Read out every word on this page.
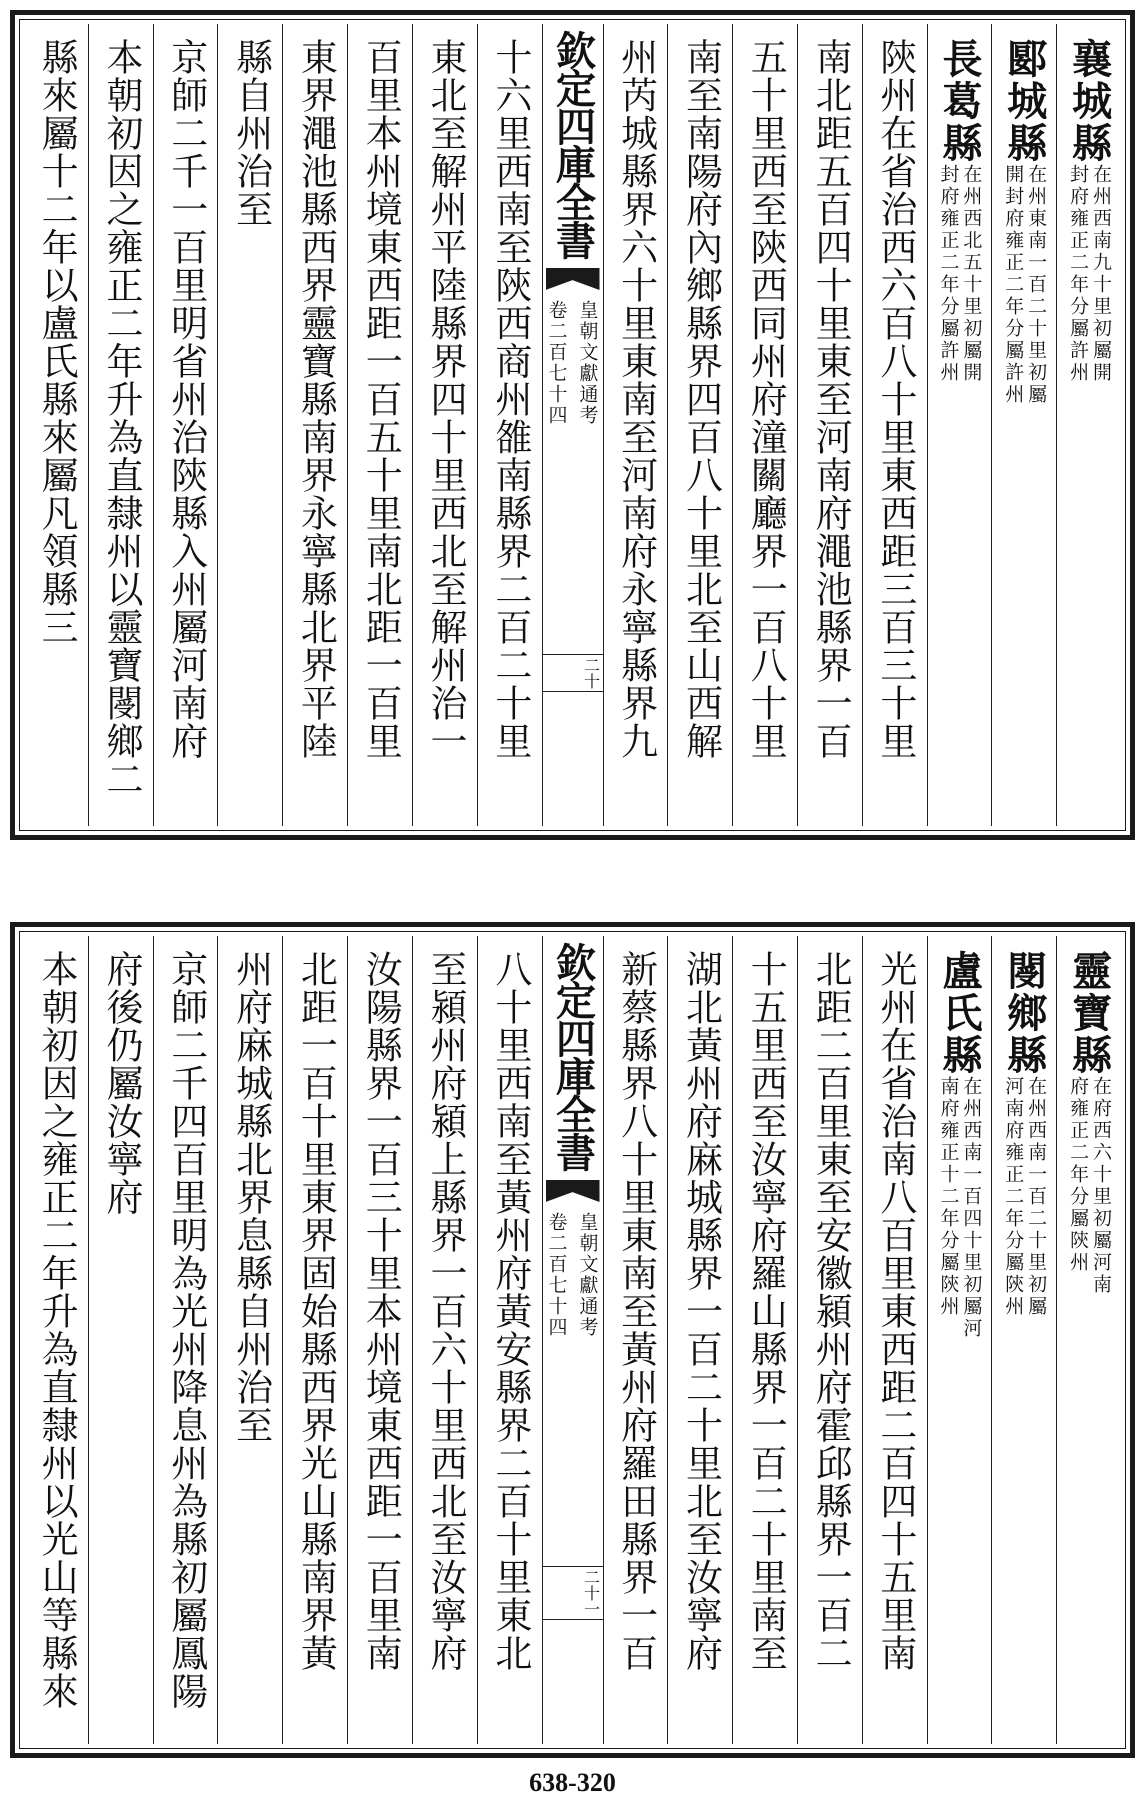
十六里西南至陝西商州雒南縣界二百二十里
東北至解州平陸縣界四十里西北至解州治一
百里本州境東西距一百五十里南北距一百里
東界澠池縣西界靈寶縣南界永寧縣北界平陸
縣自州治至
京師二千一百里明省州治陝縣入州屬河南府
本朝初因之雍正二年升為直隸州以靈寶閿鄉二
縣來屬十二年以盧氏縣來屬凡領縣三	欽定四庫全書
皇朝文獻通考
卷二百七十四
二十
襄城縣
在州西南九十里初屬開
封府雍正二年分屬許州
郾城縣
在州東南一百二十里初屬
開封府雍正二年分屬許州
長葛縣
在州西北五十里初屬開
封府雍正二年分屬許州
陝州在省治西六百八十里東西距三百三十里
南北距五百四十里東至河南府澠池縣界一百
五十里西至陝西同州府潼關廳界一百八十里
南至南陽府內鄉縣界四百八十里北至山西解
州芮城縣界六十里東南至河南府永寧縣界九
八十里西南至黃州府黃安縣界二百十里東北
至潁州府潁上縣界一百六十里西北至汝寧府
汝陽縣界一百三十里本州境東西距一百里南
北距一百十里東界固始縣西界光山縣南界黃
州府麻城縣北界息縣自州治至
京師二千四百里明為光州降息州為縣初屬鳳陽
府後仍屬汝寧府
本朝初因之雍正二年升為直隸州以光山等縣來	欽定四庫全書
皇朝文獻通考
卷二百七十四
二十一
靈寶縣
在府西六十里初屬河南
府雍正二年分屬陝州
閿鄉縣
在州西南一百二十里初屬
河南府雍正二年分屬陝州
盧氏縣
在州西南一百四十里初屬河
南府雍正十二年分屬陝州
光州在省治南八百里東西距二百四十五里南
北距二百里東至安徽潁州府霍邱縣界一百二
十五里西至汝寧府羅山縣界一百二十里南至
湖北黃州府麻城縣界一百二十里北至汝寧府
新蔡縣界八十里東南至黃州府羅田縣界一百
638-320
